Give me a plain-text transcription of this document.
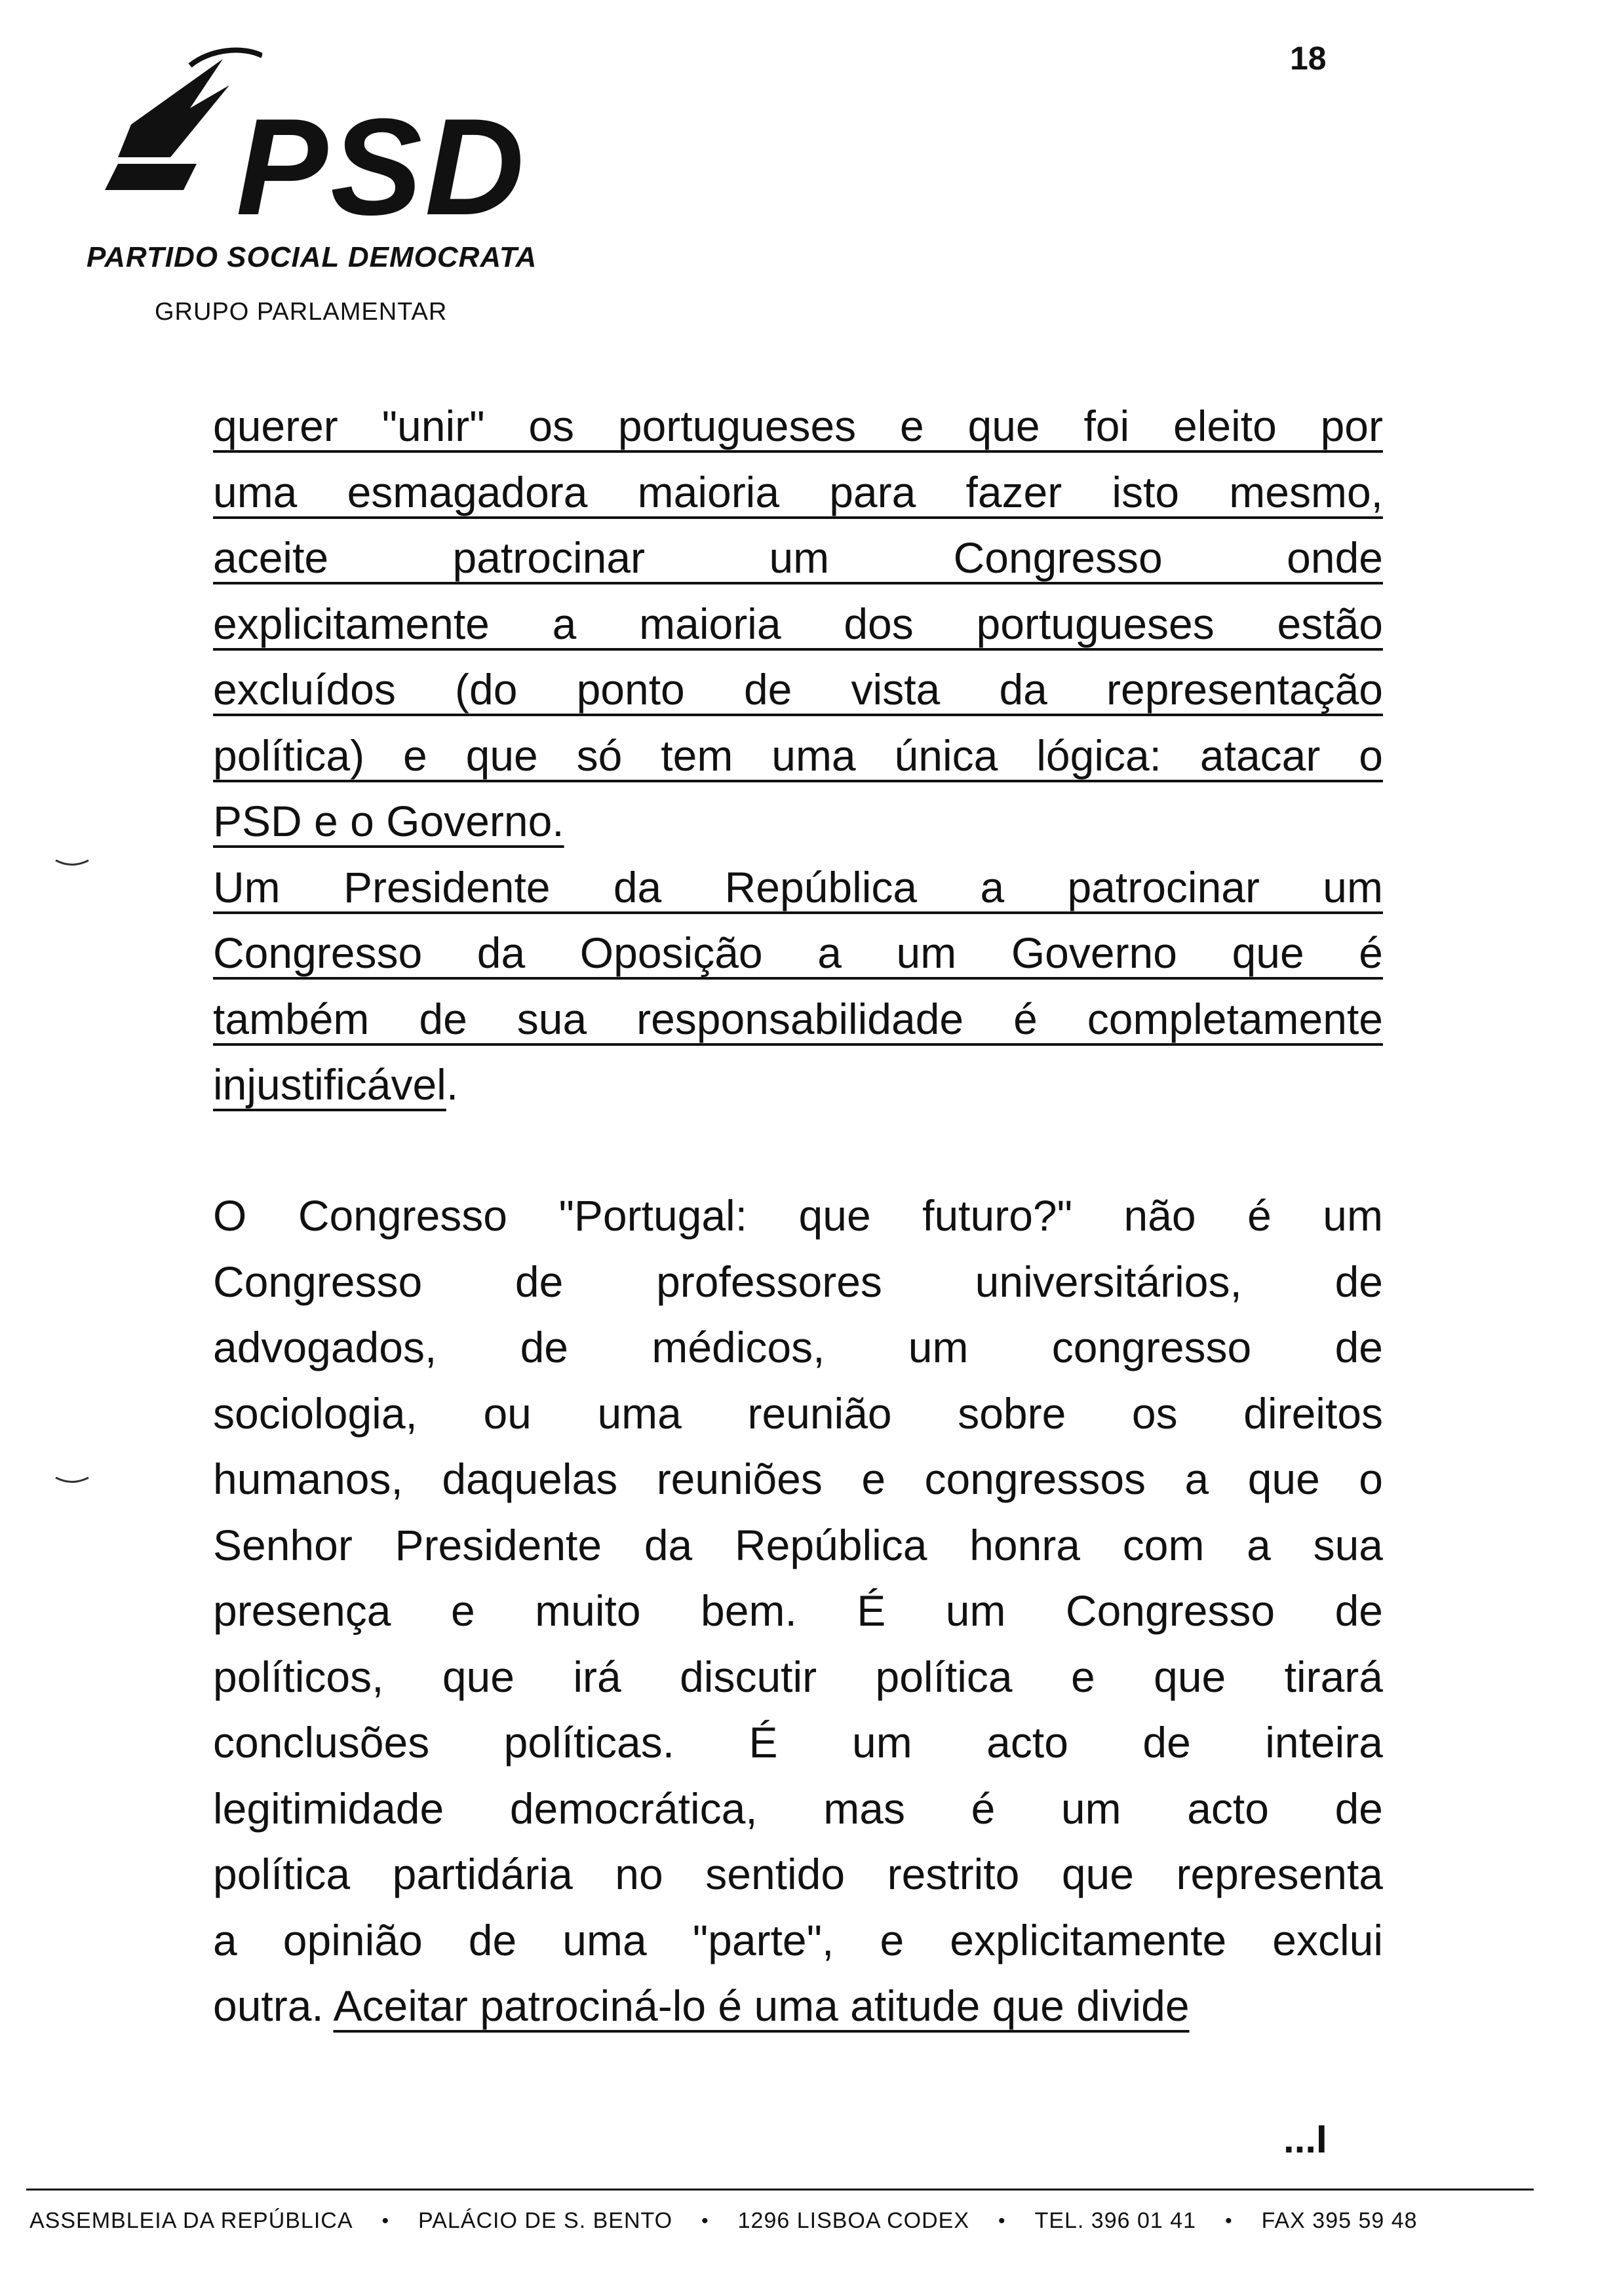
18
PSD
PARTIDO SOCIAL DEMOCRATA
GRUPO PARLAMENTAR
querer "unir" os portugueses e que foi eleito por
uma esmagadora maioria para fazer isto mesmo,
aceite patrocinar um Congresso onde
explicitamente a maioria dos portugueses estão
excluídos (do ponto de vista da representação
política) e que só tem uma única lógica: atacar o
PSD e o Governo.
Um Presidente da República a patrocinar um
Congresso da Oposição a um Governo que é
também de sua responsabilidade é completamente
injustificável.
O Congresso "Portugal: que futuro?" não é um
Congresso de professores universitários, de
advogados, de médicos, um congresso de
sociologia, ou uma reunião sobre os direitos
humanos, daquelas reuniões e congressos a que o
Senhor Presidente da República honra com a sua
presença e muito bem. É um Congresso de
políticos, que irá discutir política e que tirará
conclusões políticas. É um acto de inteira
legitimidade democrática, mas é um acto de
política partidária no sentido restrito que representa
a opinião de uma "parte", e explicitamente exclui
outra. Aceitar patrociná-lo é uma atitude que divide
...I
ASSEMBLEIA DA REPÚBLICA • PALÁCIO DE S. BENTO • 1296 LISBOA CODEX • TEL. 396 01 41 • FAX 395 59 48
